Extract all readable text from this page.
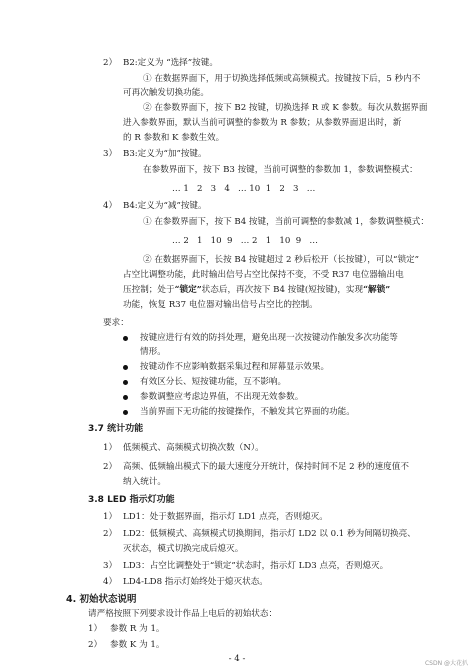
2） B2:定义为 “选择”按键。
① 在数据界面下，用于切换选择低频或高频模式。按键按下后，5 秒内不
可再次触发切换功能。
② 在参数界面下，按下 B2 按键，切换选择 R 或 K 参数。每次从数据界面
进入参数界面，默认当前可调整的参数为 R 参数；从参数界面退出时，新
的 R 参数和 K 参数生效。
3） B3:定义为“加”按键。
在参数界面下，按下 B3 按键，当前可调整的参数加 1，参数调整模式：
… 1   2   3   4   … 10  1   2   3   …
4） B4:定义为“减”按键。
① 在参数界面下，按下 B4 按键，当前可调整的参数减 1，参数调整模式：
… 2   1   10  9   … 2   1   10  9   …
② 在数据界面下，长按 B4 按键超过 2 秒后松开（长按键），可以“锁定”
占空比调整功能，此时输出信号占空比保持不变，不受 R37 电位器输出电
压控制；处于“锁定”状态后，再次按下 B4 按键(短按键)，实现“解锁”
功能，恢复 R37 电位器对输出信号占空比的控制。
要求：
按键应进行有效的防抖处理，避免出现一次按键动作触发多次功能等
情形。
按键动作不应影响数据采集过程和屏幕显示效果。
有效区分长、短按键功能，互不影响。
参数调整应考虑边界值，不出现无效参数。
当前界面下无功能的按键操作，不触发其它界面的功能。
3.7 统计功能
1） 低频模式、高频模式切换次数（N）。
2） 高频、低频输出模式下的最大速度分开统计，保持时间不足 2 秒的速度值不
纳入统计。
3.8 LED 指示灯功能
1） LD1：处于数据界面，指示灯 LD1 点亮，否则熄灭。
2） LD2：低频模式、高频模式切换期间，指示灯 LD2 以 0.1 秒为间隔切换亮、
灭状态，模式切换完成后熄灭。
3） LD3：占空比调整处于“锁定”状态时，指示灯 LD3 点亮，否则熄灭。
4） LD4-LD8 指示灯始终处于熄灭状态。
4. 初始状态说明
请严格按照下列要求设计作品上电后的初始状态：
1） 参数 R 为 1。
2） 参数 K 为 1。
- 4 -	CSDN @大花扒
